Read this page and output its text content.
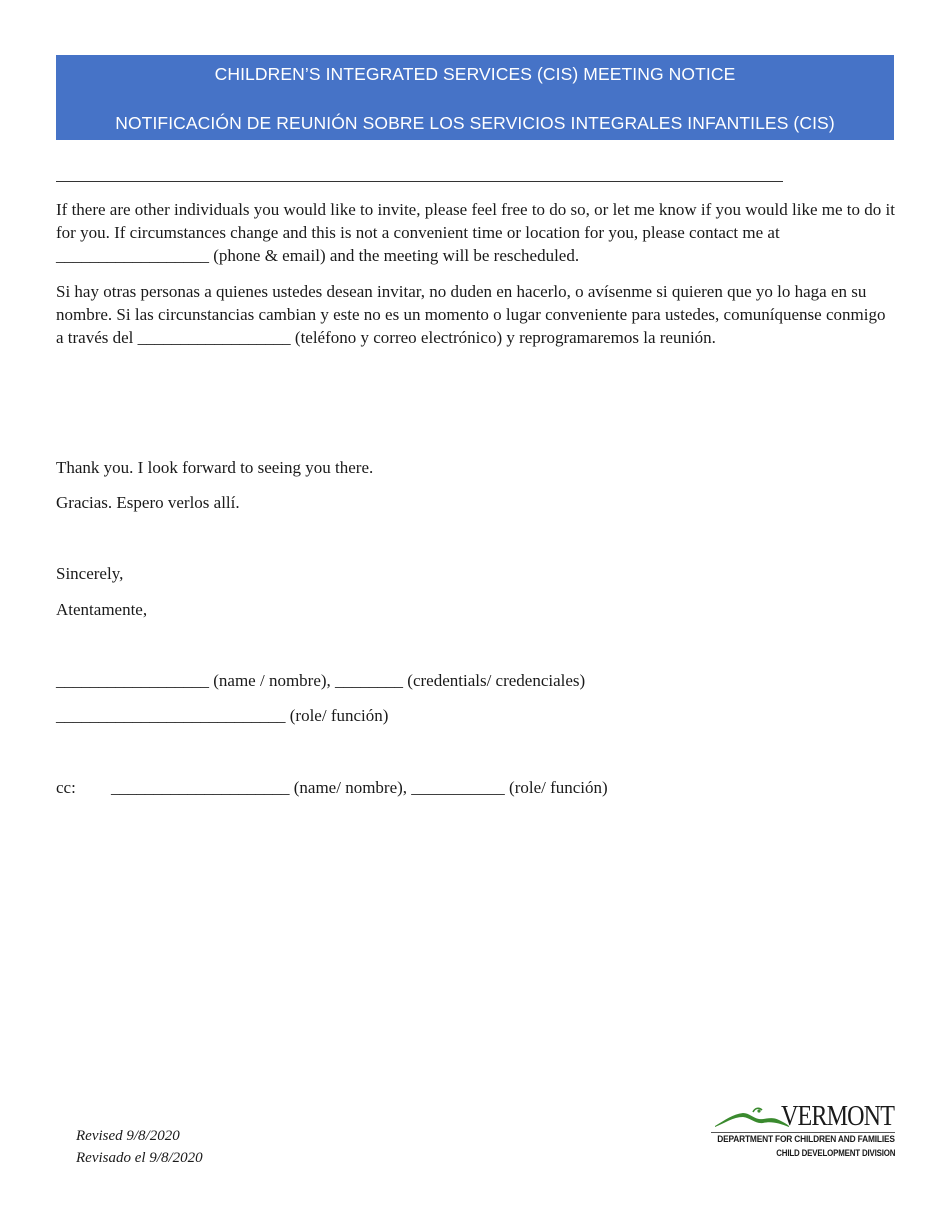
CHILDREN’S INTEGRATED SERVICES (CIS) MEETING NOTICE
NOTIFICACIÓN DE REUNIÓN SOBRE LOS SERVICIOS INTEGRALES INFANTILES (CIS)

If there are other individuals you would like to invite, please feel free to do so, or let me know if you would like me to do it for you. If circumstances change and this is not a convenient time or location for you, please contact me at __________________ (phone & email) and the meeting will be rescheduled.

Si hay otras personas a quienes ustedes desean invitar, no duden en hacerlo, o avísenme si quieren que yo lo haga en su nombre. Si las circunstancias cambian y este no es un momento o lugar conveniente para ustedes, comuníquense conmigo a través del __________________ (teléfono y correo electrónico) y reprogramaremos la reunión.

Thank you. I look forward to seeing you there.

Gracias. Espero verlos allí.

Sincerely,

Atentamente,

__________________ (name / nombre), ________ (credentials/ credenciales)

___________________________ (role/ función)

cc: _____________________ (name/ nombre), ___________ (role/ función)
Revised 9/8/2020
Revisado el 9/8/2020
VERMONT
DEPARTMENT FOR CHILDREN AND FAMILIES
CHILD DEVELOPMENT DIVISION
